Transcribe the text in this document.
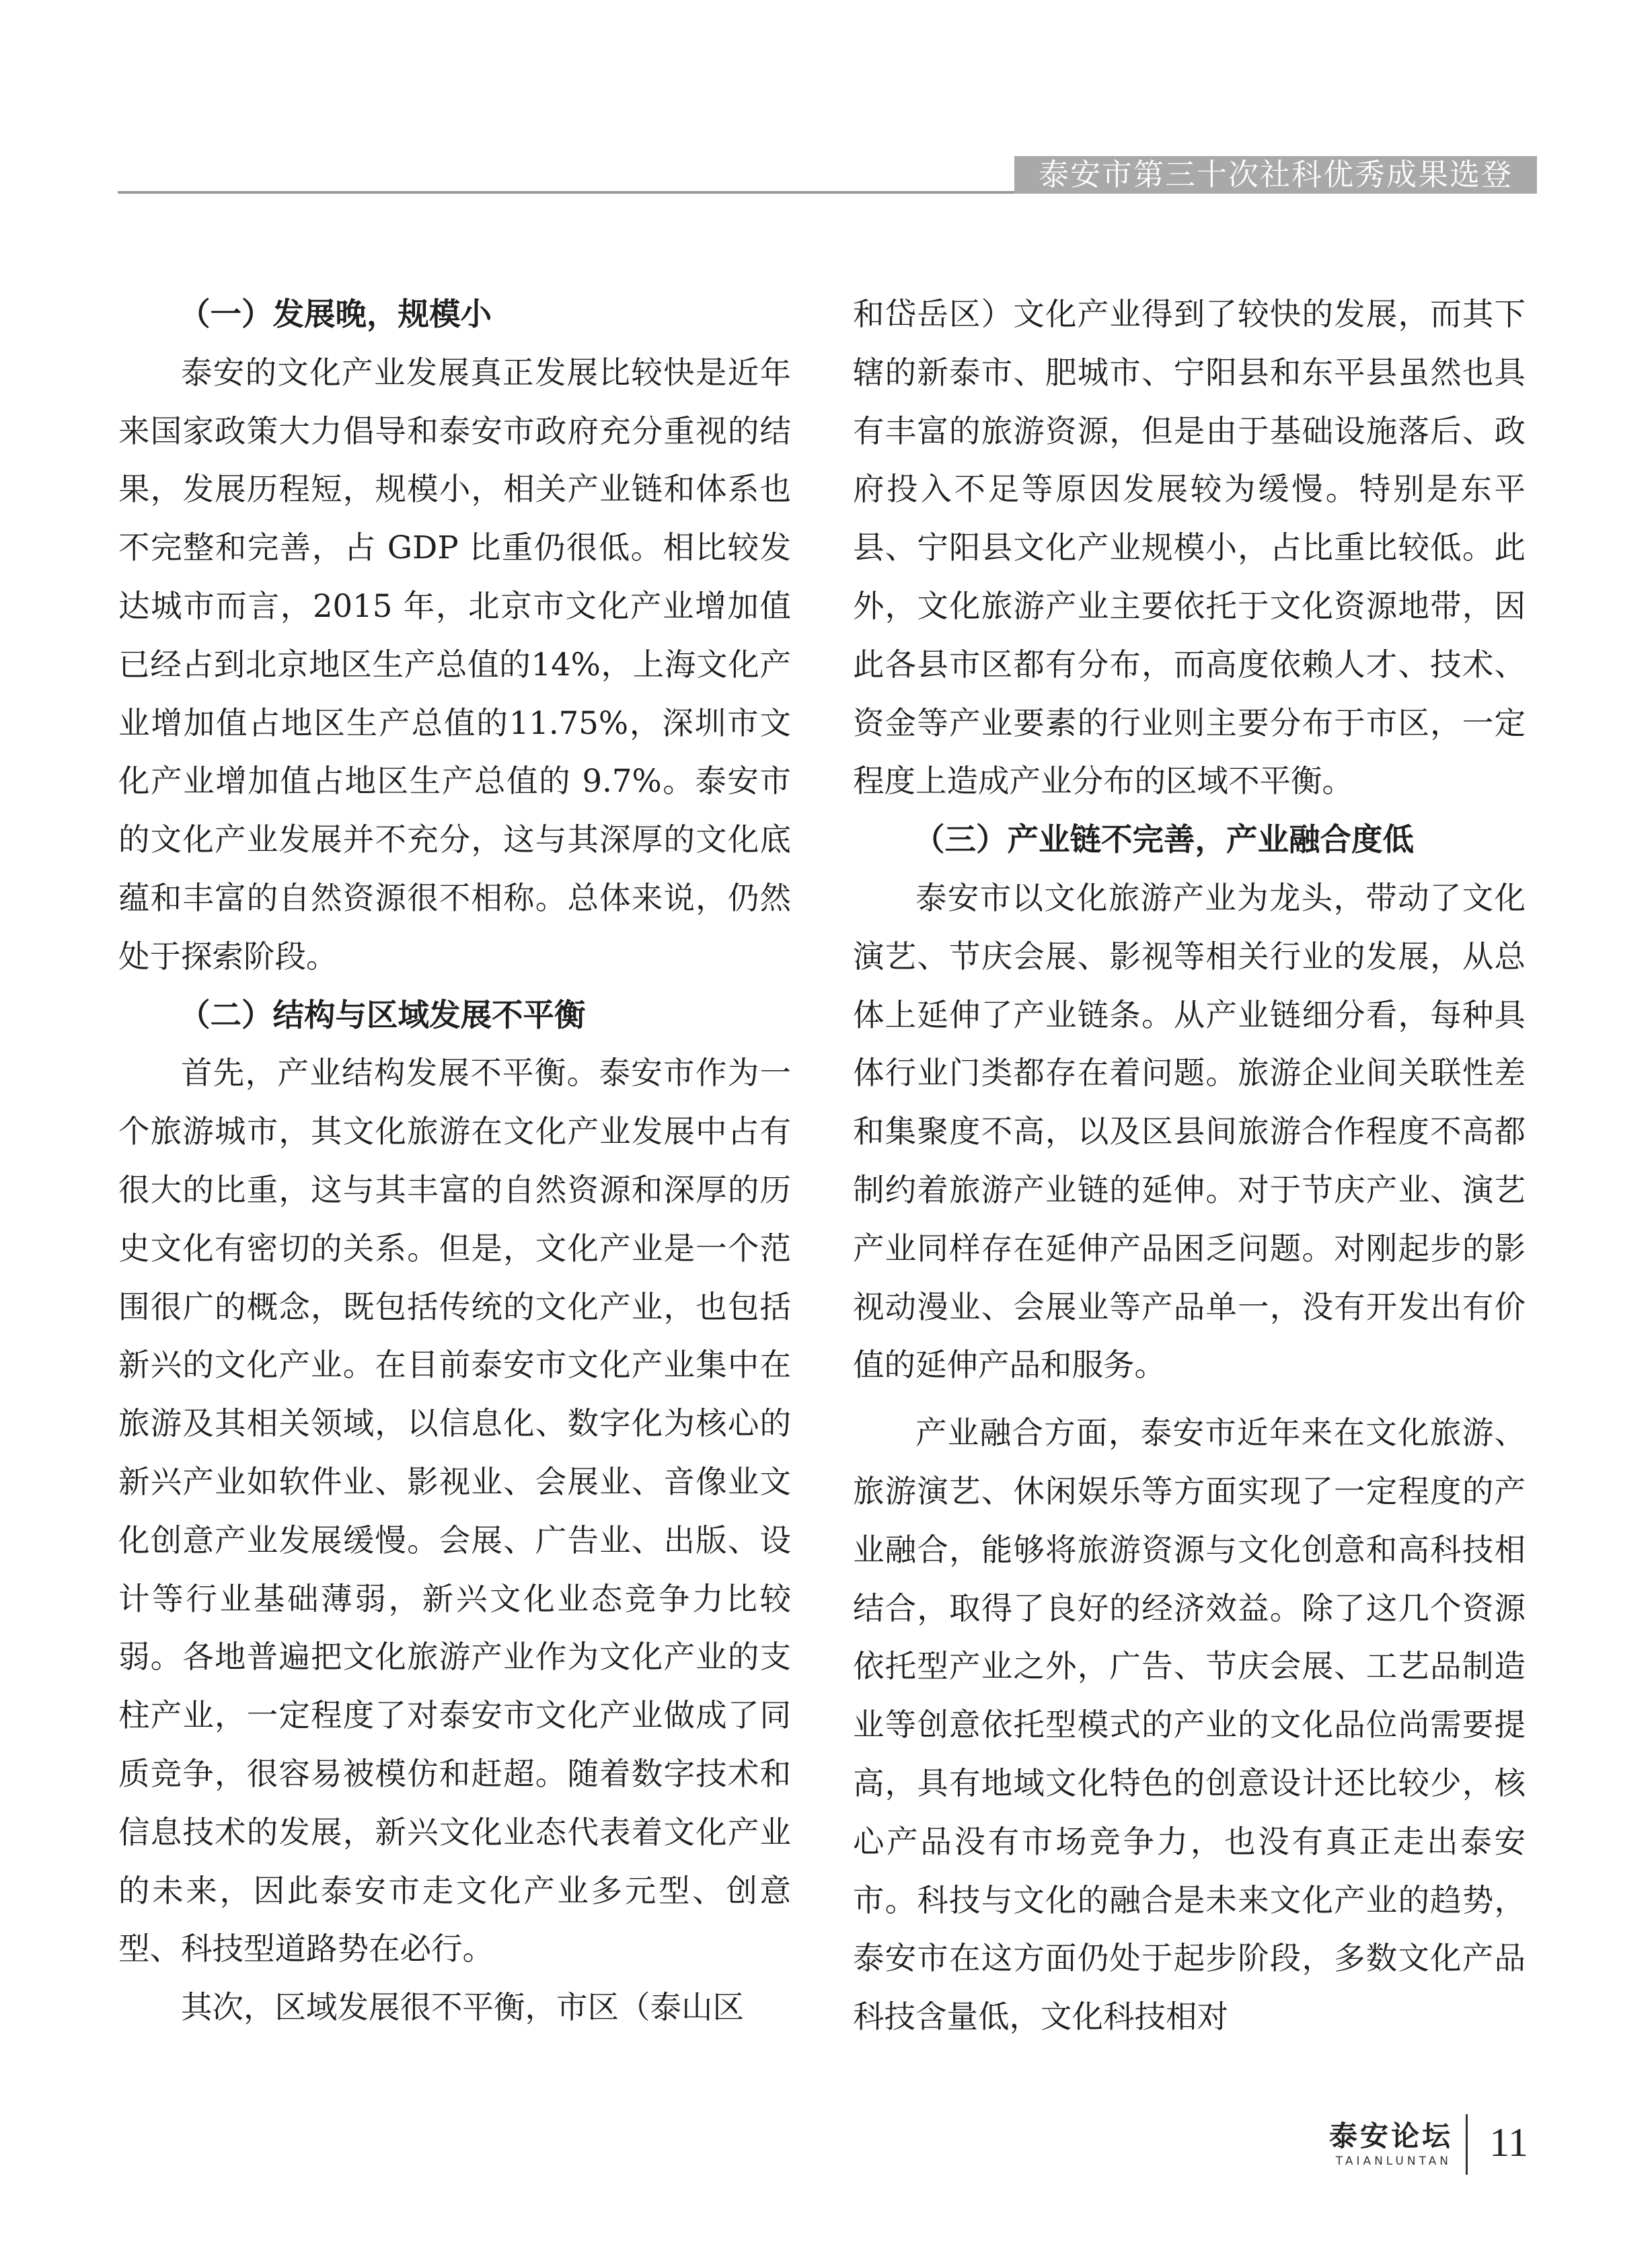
泰安市第三十次社科优秀成果选登
（一）发展晚，规模小

泰安的文化产业发展真正发展比较快是近年来国家政策大力倡导和泰安市政府充分重视的结果，发展历程短，规模小，相关产业链和体系也不完整和完善，占 GDP 比重仍很低。相比较发达城市而言，2015 年，北京市文化产业增加值已经占到北京地区生产总值的14%，上海文化产业增加值占地区生产总值的11.75%，深圳市文化产业增加值占地区生产总值的 9.7%。泰安市的文化产业发展并不充分，这与其深厚的文化底蕴和丰富的自然资源很不相称。总体来说，仍然处于探索阶段。

（二）结构与区域发展不平衡

首先，产业结构发展不平衡。泰安市作为一个旅游城市，其文化旅游在文化产业发展中占有很大的比重，这与其丰富的自然资源和深厚的历史文化有密切的关系。但是，文化产业是一个范围很广的概念，既包括传统的文化产业，也包括新兴的文化产业。在目前泰安市文化产业集中在旅游及其相关领域，以信息化、数字化为核心的新兴产业如软件业、影视业、会展业、音像业文化创意产业发展缓慢。会展、广告业、出版、设计等行业基础薄弱，新兴文化业态竞争力比较弱。各地普遍把文化旅游产业作为文化产业的支柱产业，一定程度了对泰安市文化产业做成了同质竞争，很容易被模仿和赶超。随着数字技术和信息技术的发展，新兴文化业态代表着文化产业的未来，因此泰安市走文化产业多元型、创意型、科技型道路势在必行。

其次，区域发展很不平衡，市区（泰山区

和岱岳区）文化产业得到了较快的发展，而其下辖的新泰市、肥城市、宁阳县和东平县虽然也具有丰富的旅游资源，但是由于基础设施落后、政府投入不足等原因发展较为缓慢。特别是东平县、宁阳县文化产业规模小，占比重比较低。此外，文化旅游产业主要依托于文化资源地带，因此各县市区都有分布，而高度依赖人才、技术、资金等产业要素的行业则主要分布于市区，一定程度上造成产业分布的区域不平衡。

（三）产业链不完善，产业融合度低

泰安市以文化旅游产业为龙头，带动了文化演艺、节庆会展、影视等相关行业的发展，从总体上延伸了产业链条。从产业链细分看，每种具体行业门类都存在着问题。旅游企业间关联性差和集聚度不高，以及区县间旅游合作程度不高都制约着旅游产业链的延伸。对于节庆产业、演艺产业同样存在延伸产品困乏问题。对刚起步的影视动漫业、会展业等产品单一，没有开发出有价值的延伸产品和服务。

产业融合方面，泰安市近年来在文化旅游、旅游演艺、休闲娱乐等方面实现了一定程度的产业融合，能够将旅游资源与文化创意和高科技相结合，取得了良好的经济效益。除了这几个资源依托型产业之外，广告、节庆会展、工艺品制造业等创意依托型模式的产业的文化品位尚需要提高，具有地域文化特色的创意设计还比较少，核心产品没有市场竞争力，也没有真正走出泰安市。科技与文化的融合是未来文化产业的趋势，泰安市在这方面仍处于起步阶段，多数文化产品科技含量低，文化科技相对

泰安论坛
TAIANLUNTAN 11
